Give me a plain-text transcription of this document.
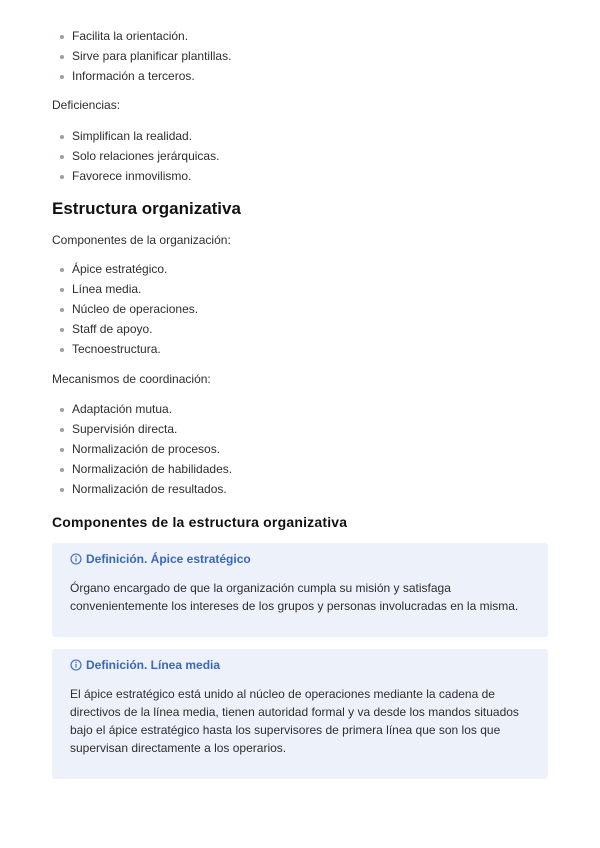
Facilita la orientación.
Sirve para planificar plantillas.
Información a terceros.

Deficiencias:

Simplifican la realidad.
Solo relaciones jerárquicas.
Favorece inmovilismo.
Estructura organizativa

Componentes de la organización:

Ápice estratégico.
Línea media.
Núcleo de operaciones.
Staff de apoyo.
Tecnoestructura.

Mecanismos de coordinación:

Adaptación mutua.
Supervisión directa.
Normalización de procesos.
Normalización de habilidades.
Normalización de resultados.
Componentes de la estructura organizativa
Definición. Ápice estratégico

Órgano encargado de que la organización cumpla su misión y satisfaga convenientemente los intereses de los grupos y personas involucradas en la misma.

Definición. Línea media

El ápice estratégico está unido al núcleo de operaciones mediante la cadena de directivos de la línea media, tienen autoridad formal y va desde los mandos situados bajo el ápice estratégico hasta los supervisores de primera línea que son los que supervisan directamente a los operarios.
